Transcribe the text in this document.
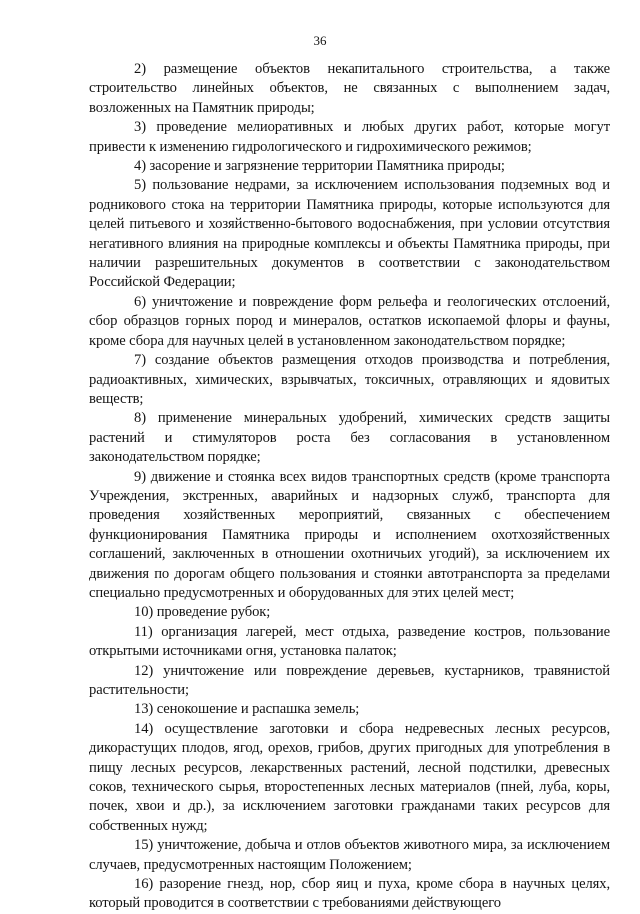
36

2) размещение объектов некапитального строительства, а также строительство линейных объектов, не связанных с выполнением задач, возложенных на Памятник природы;

3) проведение мелиоративных и любых других работ, которые могут привести к изменению гидрологического и гидрохимического режимов;

4) засорение и загрязнение территории Памятника природы;

5) пользование недрами, за исключением использования подземных вод и родникового стока на территории Памятника природы, которые используются для целей питьевого и хозяйственно-бытового водоснабжения, при условии отсутствия негативного влияния на природные комплексы и объекты Памятника природы, при наличии разрешительных документов в соответствии с законодательством Российской Федерации;

6) уничтожение и повреждение форм рельефа и геологических отслоений, сбор образцов горных пород и минералов, остатков ископаемой флоры и фауны, кроме сбора для научных целей в установленном законодательством порядке;

7) создание объектов размещения отходов производства и потребления, радиоактивных, химических, взрывчатых, токсичных, отравляющих и ядовитых веществ;

8) применение минеральных удобрений, химических средств защиты растений и стимуляторов роста без согласования в установленном законодательством порядке;

9) движение и стоянка всех видов транспортных средств (кроме транспорта Учреждения, экстренных, аварийных и надзорных служб, транспорта для проведения хозяйственных мероприятий, связанных с обеспечением функционирования Памятника природы и исполнением охотхозяйственных соглашений, заключенных в отношении охотничьих угодий), за исключением их движения по дорогам общего пользования и стоянки автотранспорта за пределами специально предусмотренных и оборудованных для этих целей мест;

10) проведение рубок;

11) организация лагерей, мест отдыха, разведение костров, пользование открытыми источниками огня, установка палаток;

12) уничтожение или повреждение деревьев, кустарников, травянистой растительности;

13) сенокошение и распашка земель;

14) осуществление заготовки и сбора недревесных лесных ресурсов, дикорастущих плодов, ягод, орехов, грибов, других пригодных для употребления в пищу лесных ресурсов, лекарственных растений, лесной подстилки, древесных соков, технического сырья, второстепенных лесных материалов (пней, луба, коры, почек, хвои и др.), за исключением заготовки гражданами таких ресурсов для собственных нужд;

15) уничтожение, добыча и отлов объектов животного мира, за исключением случаев, предусмотренных настоящим Положением;

16) разорение гнезд, нор, сбор яиц и пуха, кроме сбора в научных целях, который проводится в соответствии с требованиями действующего
